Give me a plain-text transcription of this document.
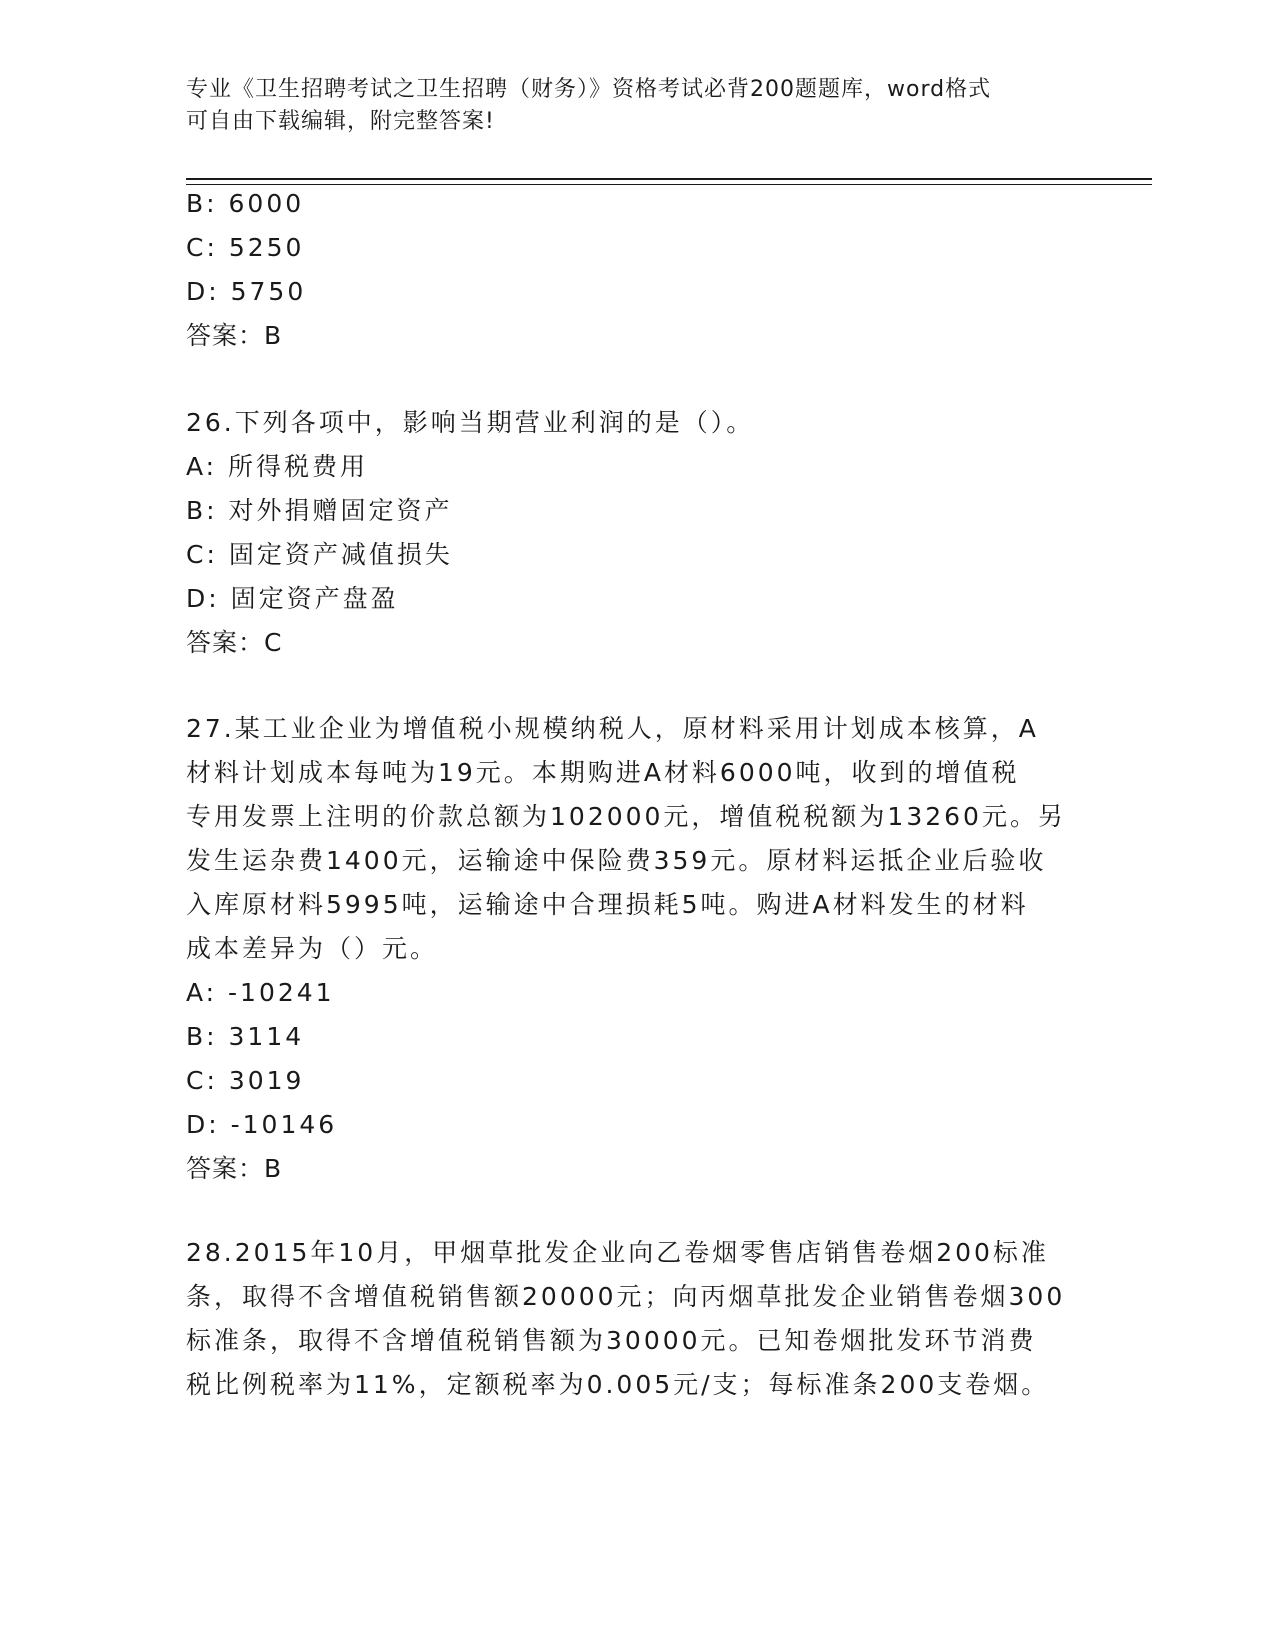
专业《卫生招聘考试之卫生招聘（财务）》资格考试必背200题题库，word格式
可自由下载编辑，附完整答案!
B: 6000
C: 5250
D: 5750
答案：B
26.下列各项中，影响当期营业利润的是（）。
A: 所得税费用
B: 对外捐赠固定资产
C: 固定资产减值损失
D: 固定资产盘盈
答案：C
27.某工业企业为增值税小规模纳税人，原材料采用计划成本核算，A
材料计划成本每吨为19元。本期购进A材料6000吨，收到的增值税
专用发票上注明的价款总额为102000元，增值税税额为13260元。另
发生运杂费1400元，运输途中保险费359元。原材料运抵企业后验收
入库原材料5995吨，运输途中合理损耗5吨。购进A材料发生的材料
成本差异为（）元。
A: -10241
B: 3114
C: 3019
D: -10146
答案：B
28.2015年10月，甲烟草批发企业向乙卷烟零售店销售卷烟200标准
条，取得不含增值税销售额20000元；向丙烟草批发企业销售卷烟300
标准条，取得不含增值税销售额为30000元。已知卷烟批发环节消费
税比例税率为11%，定额税率为0.005元/支；每标准条200支卷烟。
